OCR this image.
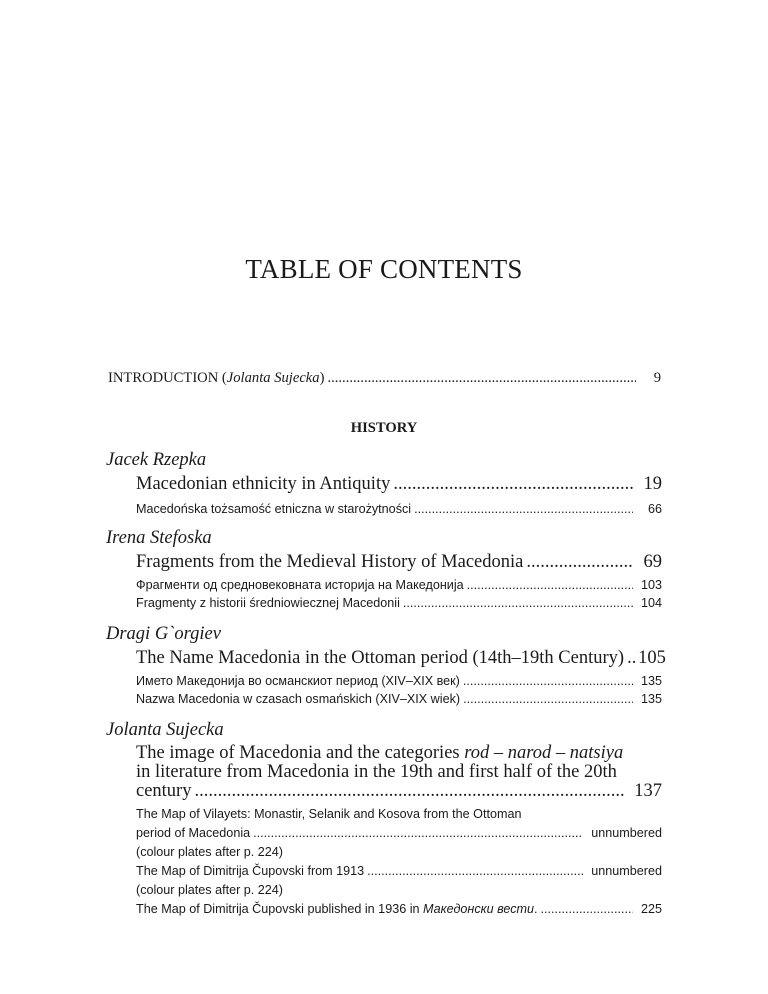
TABLE OF CONTENTS
INTRODUCTION (Jolanta Sujecka) .....	9
HISTORY
Jacek Rzepka
Macedonian ethnicity in Antiquity .....	19
Macedońska tożsamość etniczna w starożytności .....	66
Irena Stefoska
Fragments from the Medieval History of Macedonia .....	69
Фрагменти од средновековната историја на Македонија .....	103
Fragmenty z historii średniowiecznej Macedonii .....	104
Dragi G`orgiev
The Name Macedonia in the Ottoman period (14th–19th Century) ..... 105
Името Македонија во османскиот период (XIV–XIX век) .....	135
Nazwa Macedonia w czasach osmańskich (XIV–XIX wiek) .....	135
Jolanta Sujecka
The image of Macedonia and the categories rod – narod – natsiya
in literature from Macedonia in the 19th and first half of the 20th
century .....	137
The Map of Vilayets: Monastir, Selanik and Kosova from the Ottoman
period of Macedonia .....	unnumbered
(colour plates after p. 224)
The Map of Dimitrija Čupovski from 1913 .....	unnumbered
(colour plates after p. 224)
The Map of Dimitrija Čupovski published in 1936 in Македонски вести. .....	225
